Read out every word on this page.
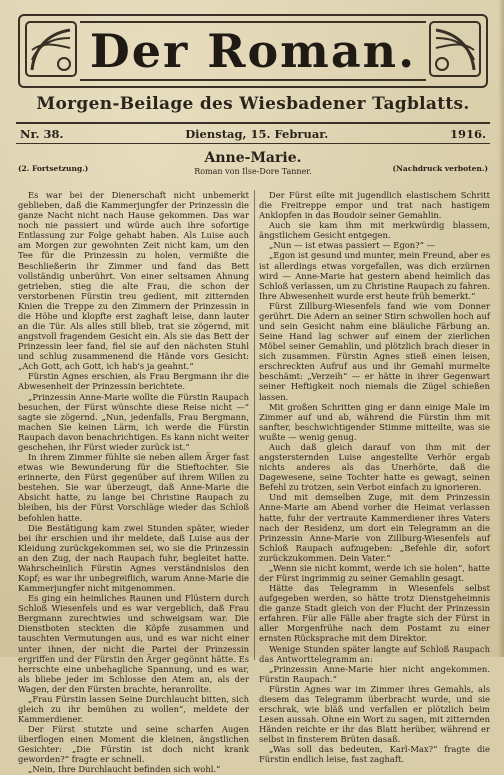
Der Roman.
Morgen-Beilage des Wiesbadener Tagblatts.
Nr. 38.	Dienstag, 15. Februar.	1916.
(2. Fortsetzung.)
Anne-Marie.
Roman von Ilse-Dore Tanner.	(Nachdruck verboten.)

Es war bei der Dienerschaft nicht unbemerkt geblieben, daß die Kammerjungfer der Prinzessin die ganze Nacht nicht nach Hause gekommen. Das war noch nie passiert und würde auch ihre sofortige Entlassung zur Folge gehabt haben. Als Luise auch am Morgen zur gewohnten Zeit nicht kam, um den Tee für die Prinzessin zu holen, vermißte die Beschließerin ihr Zimmer und fand das Bett vollständig unberührt. Von einer seltsamen Ahnung getrieben, stieg die alte Frau, die schon der verstorbenen Fürstin treu gedient, mit zitternden Knien die Treppe zu den Zimmern der Prinzessin in die Höhe und klopfte erst zaghaft leise, dann lauter an die Tür. Als alles still blieb, trat sie zögernd, mit angstvoll fragendem Gesicht ein. Als sie das Bett der Prinzessin leer fand, fiel sie auf den nächsten Stuhl und schlug zusammenend die Hände vors Gesicht: „Ach Gott, ach Gott, ich hab's ja geahnt.“

Fürstin Agnes erschien, als Frau Bergmann ihr die Abwesenheit der Prinzessin berichtete.

„Prinzessin Anne-Marie wollte die Fürstin Raupach besuchen, der Fürst wünschte diese Reise nicht —“ sagte sie zögernd. „Nun, jedenfalls, Frau Bergmann, machen Sie keinen Lärm, ich werde die Fürstin Raupach davon benachrichtigen. Es kann nicht weiter geschehen, ihr Fürst wieder zurück ist.“

In ihrem Zimmer fühlte sie neben allem Ärger fast etwas wie Bewunderung für die Stieftochter. Sie erinnerte, den Fürst gegenüber auf ihrem Willen zu bestehen. Sie war überzeugt, daß Anne-Marie die Absicht hatte, zu lange bei Christine Raupach zu bleiben, bis der Fürst Vorschläge wieder das Schloß befohlen hatte.

Die Bestätigung kam zwei Stunden später, wieder bei ihr erschien und ihr meldete, daß Luise aus der Kleidung zurückgekommen sei, wo sie die Prinzessin an den Zug, der nach Raupach fuhr, begleitet hatte. Wahrscheinlich Fürstin Agnes verständnislos den Kopf; es war ihr unbegreiflich, warum Anne-Marie die Kammerjungfer nicht mitgenommen.

Es ging ein heimliches Raunen und Flüstern durch Schloß Wiesenfels und es war vergeblich, daß Frau Bergmann zurechtwies und schweigsam war. Die Dienstboten steckten die Köpfe zusammen und tauschten Vermutungen aus, und es war nicht einer unter ihnen, der nicht die Partei der Prinzessin ergriffen und der Fürstin den Ärger gegönnt hätte. Es herrschte eine unbehagliche Spannung, und es war, als bliebe jeder im Schlosse den Atem an, als der Wagen, der den Fürsten brachte, heranrollte.

„Frau Fürstin lassen Seine Durchlaucht bitten, sich gleich zu ihr bemühen zu wollen“, meldete der Kammerdiener.

Der Fürst stutzte und seine scharfen Augen überflogen einen Moment die kleinen, ängstlichen Gesichter: „Die Fürstin ist doch nicht krank geworden?“ fragte er schnell.

„Nein, Ihre Durchlaucht befinden sich wohl.“

Der Fürst eilte mit jugendlich elastischem Schritt die Freitreppe empor und trat nach hastigem Anklopfen in das Boudoir seiner Gemahlin.

Auch sie kam ihm mit merkwürdig blassem, ängstlichem Gesicht entgegen.

„Nun — ist etwas passiert — Egon?“ —

„Egon ist gesund und munter, mein Freund, aber es ist allerdings etwas vorgefallen, was dich erzürnen wird — Anne-Marie hat gestern abend heimlich das Schloß verlassen, um zu Christine Raupach zu fahren. Ihre Abwesenheit wurde erst heute früh bemerkt.“

Fürst Zillburg-Wiesenfels fand wie vom Donner gerührt. Die Adern an seiner Stirn schwollen hoch auf und sein Gesicht nahm eine bläuliche Färbung an. Seine Hand lag schwer auf einem der zierlichen Möbel seiner Gemahlin, und plötzlich brach dieser in sich zusammen. Fürstin Agnes stieß einen leisen, erschreckten Aufruf aus und ihr Gemahl murmelte beschämt: „Verzeih“ — er hätte in ihrer Gegenwart seiner Heftigkeit noch niemals die Zügel schießen lassen.

Mit großen Schritten ging er dann einige Male im Zimmer auf und ab, während die Fürstin ihm mit sanfter, beschwichtigender Stimme mitteilte, was sie wußte — wenig genug.

Auch daß gleich darauf von ihm mit der angstersternden Luise angestellte Verhör ergab nichts anderes als das Unerhörte, daß die Dagewesene, seine Tochter hatte es gewagt, seinen Befehl zu trotzen, sein Verbot einfach zu ignorieren.

Und mit demselben Zuge, mit dem Prinzessin Anne-Marie am Abend vorher die Heimat verlassen hatte, fuhr der vertraute Kammerdiener ihres Vaters nach der Residenz, um dort ein Telegramm an die Prinzessin Anne-Marie von Zillburg-Wiesenfels auf Schloß Raupach aufzugeben: „Befehle dir, sofort zurückzukommen. Dein Vater.“

„Wenn sie nicht kommt, werde ich sie holen“, hatte der Fürst ingrimmig zu seiner Gemahlin gesagt.

Hätte das Telegramm in Wiesenfels selbst aufgegeben werden, so hätte trotz Dienstgeheimnis die ganze Stadt gleich von der Flucht der Prinzessin erfahren. Für alle Fälle aber fragte sich der Fürst in aller Morgenfrühe nach dem Postamt zu einer ernsten Rücksprache mit dem Direktor.

Wenige Stunden später langte auf Schloß Raupach das Antworttelegramm an:

„Prinzessin Anne-Marie hier nicht angekommen. Fürstin Raupach.“

Fürstin Agnes war im Zimmer ihres Gemahls, als diesem das Telegramm überbracht wurde, und sie erschrak, wie bläß und verfallen er plötzlich beim Lesen aussah. Ohne ein Wort zu sagen, mit zitternden Händen reichte er ihr das Blatt herüber, während er selbst in finsterem Brüten dasaß.

„Was soll das bedeuten, Karl-Max?“ fragte die Fürstin endlich leise, fast zaghaft.
